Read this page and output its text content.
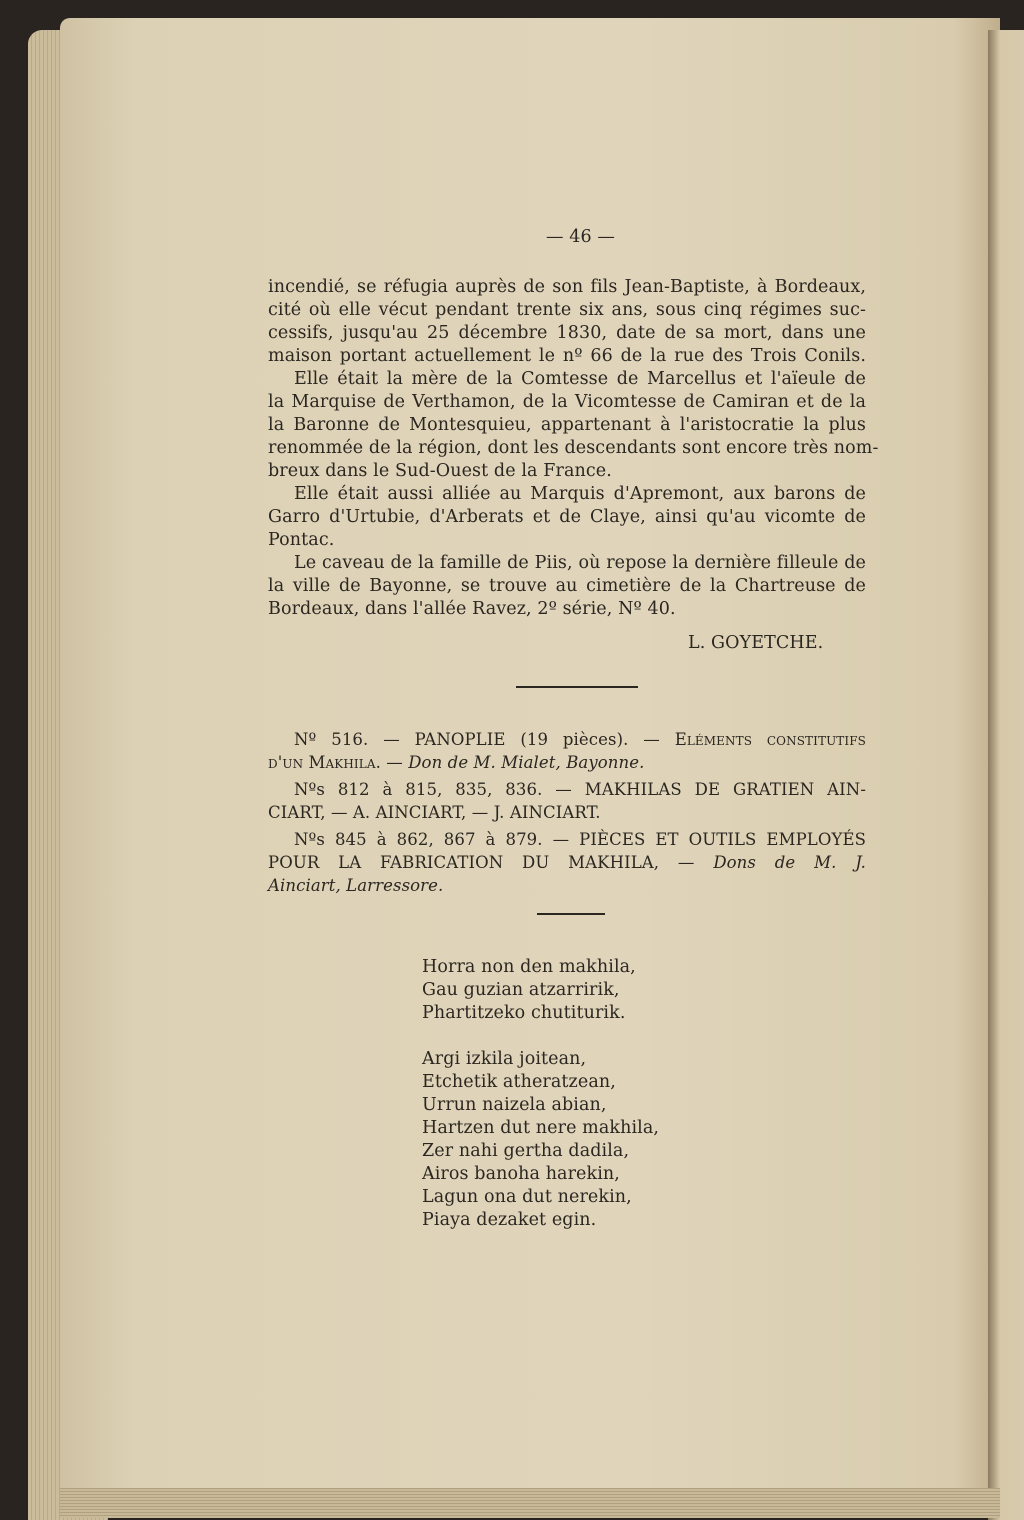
— 46 —
incendié, se réfugia auprès de son fils Jean-Baptiste, à Bordeaux,
cité où elle vécut pendant trente six ans, sous cinq régimes suc-
cessifs, jusqu'au 25 décembre 1830, date de sa mort, dans une
maison portant actuellement le nº 66 de la rue des Trois Conils.
Elle était la mère de la Comtesse de Marcellus et l'aïeule de
la Marquise de Verthamon, de la Vicomtesse de Camiran et de la
la Baronne de Montesquieu, appartenant à l'aristocratie la plus
renommée de la région, dont les descendants sont encore très nom-
breux dans le Sud-Ouest de la France.
Elle était aussi alliée au Marquis d'Apremont, aux barons de
Garro d'Urtubie, d'Arberats et de Claye, ainsi qu'au vicomte de
Pontac.
Le caveau de la famille de Piis, où repose la dernière filleule de
la ville de Bayonne, se trouve au cimetière de la Chartreuse de
Bordeaux, dans l'allée Ravez, 2º série, Nº 40.
L. GOYETCHE.
Nº 516. — PANOPLIE (19 pièces). — Eléments constitutifs
d'un Makhila. — Don de M. Mialet, Bayonne.
Nºs 812 à 815, 835, 836. — MAKHILAS DE GRATIEN AIN-
CIART, — A. AINCIART, — J. AINCIART.
Nºs 845 à 862, 867 à 879. — PIÈCES ET OUTILS EMPLOYÉS
POUR LA FABRICATION DU MAKHILA, — Dons de M. J.
Ainciart, Larressore.
Horra non den makhila,
Gau guzian atzarririk,
Phartitzeko chutiturik.
Argi izkila joitean,
Etchetik atheratzean,
Urrun naizela abian,
Hartzen dut nere makhila,
Zer nahi gertha dadila,
Airos banoha harekin,
Lagun ona dut nerekin,
Piaya dezaket egin.
